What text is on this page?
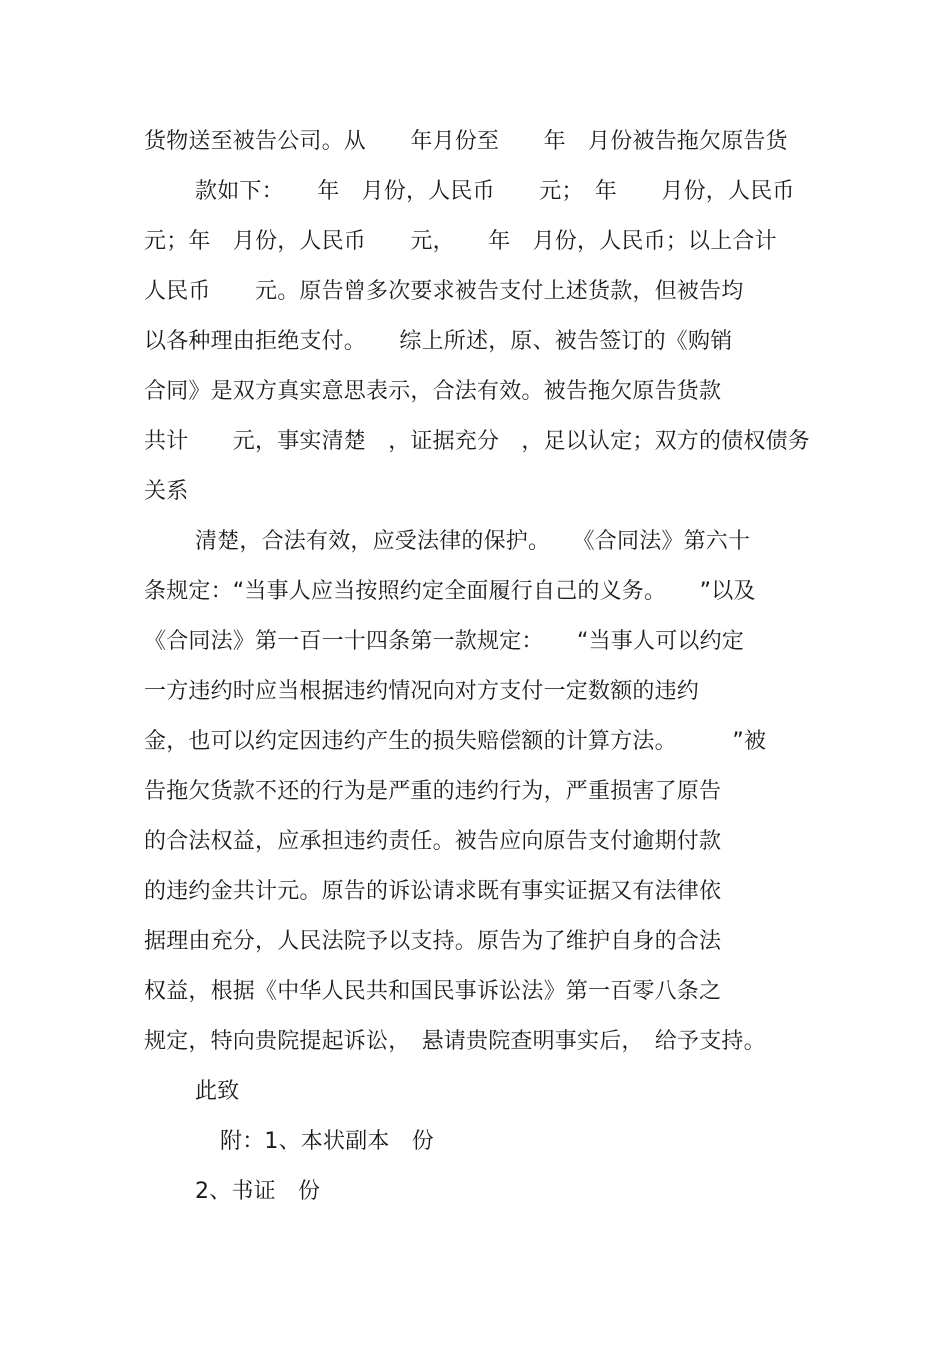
货物送至被告公司。从　　年月份至　　年　月份被告拖欠原告货
款如下：　　年　月份，人民币　　元；　年　　月份，人民币
元；年　月份，人民币　　元，　　年　月份，人民币；以上合计
人民币　　元。原告曾多次要求被告支付上述货款，但被告均
以各种理由拒绝支付。　　综上所述，原、被告签订的《购销
合同》是双方真实意思表示，合法有效。被告拖欠原告货款
共计　　元，事实清楚　，证据充分　，足以认定；双方的债权债务
关系
清楚，合法有效，应受法律的保护。　　《合同法》第六十
条规定：“当事人应当按照约定全面履行自己的义务。　　”以及
《合同法》第一百一十四条第一款规定：　　“当事人可以约定
一方违约时应当根据违约情况向对方支付一定数额的违约
金，也可以约定因违约产生的损失赔偿额的计算方法。　　　”被
告拖欠货款不还的行为是严重的违约行为，严重损害了原告
的合法权益，应承担违约责任。被告应向原告支付逾期付款
的违约金共计元。原告的诉讼请求既有事实证据又有法律依
据理由充分，人民法院予以支持。原告为了维护自身的合法
权益，根据《中华人民共和国民事诉讼法》第一百零八条之
规定，特向贵院提起诉讼，　悬请贵院查明事实后，　给予支持。
此致
附：1、本状副本　份
2、书证　份
